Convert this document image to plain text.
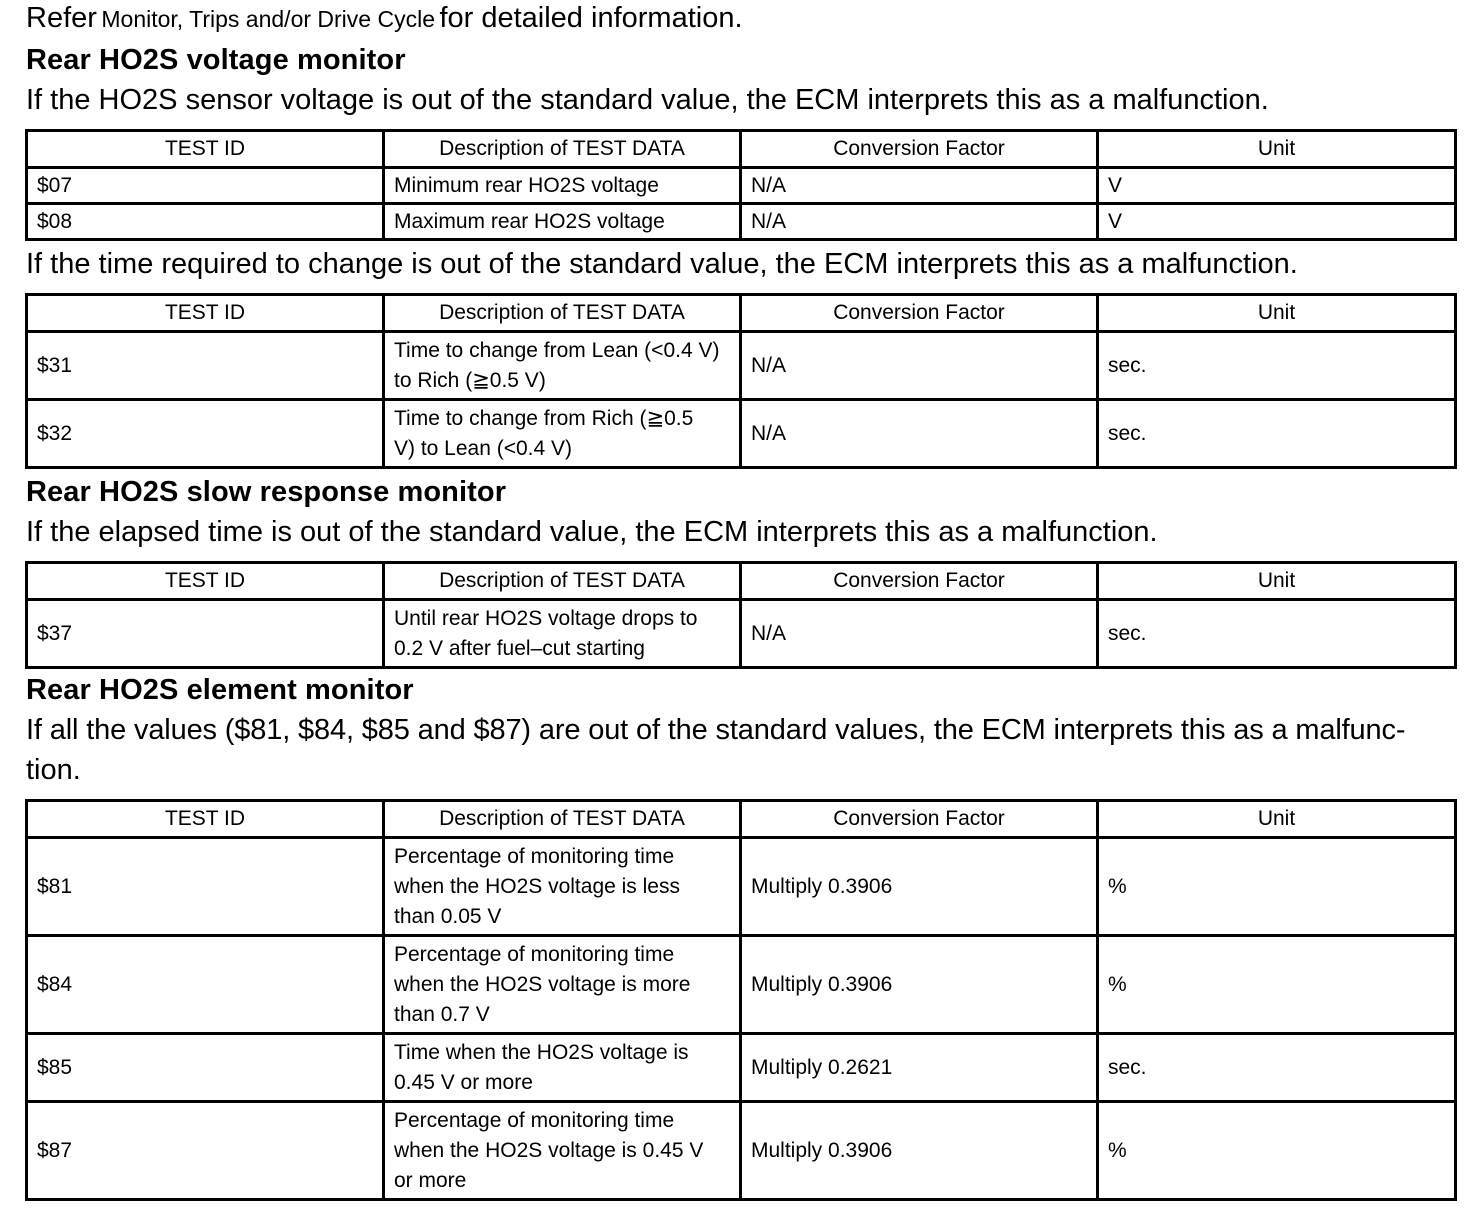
Refer Monitor, Trips and/or Drive Cycle for detailed information.
Rear HO2S voltage monitor
If the HO2S sensor voltage is out of the standard value, the ECM interprets this as a malfunction.
TEST ID	Description of TEST DATA	Conversion Factor	Unit
$07	Minimum rear HO2S voltage	N/A	V
$08	Maximum rear HO2S voltage	N/A	V
If the time required to change is out of the standard value, the ECM interprets this as a malfunction.
TEST ID	Description of TEST DATA	Conversion Factor	Unit
$31	Time to change from Lean (<0.4 V)
to Rich (≧0.5 V)	N/A	sec.
$32	Time to change from Rich (≧0.5
V) to Lean (<0.4 V)	N/A	sec.
Rear HO2S slow response monitor
If the elapsed time is out of the standard value, the ECM interprets this as a malfunction.
TEST ID	Description of TEST DATA	Conversion Factor	Unit
$37	Until rear HO2S voltage drops to
0.2 V after fuel–cut starting	N/A	sec.
Rear HO2S element monitor
If all the values ($81, $84, $85 and $87) are out of the standard values, the ECM interprets this as a malfunc-
tion.
TEST ID	Description of TEST DATA	Conversion Factor	Unit
$81	Percentage of monitoring time
when the HO2S voltage is less
than 0.05 V	Multiply 0.3906	%
$84	Percentage of monitoring time
when the HO2S voltage is more
than 0.7 V	Multiply 0.3906	%
$85	Time when the HO2S voltage is
0.45 V or more	Multiply 0.2621	sec.
$87	Percentage of monitoring time
when the HO2S voltage is 0.45 V
or more	Multiply 0.3906	%
